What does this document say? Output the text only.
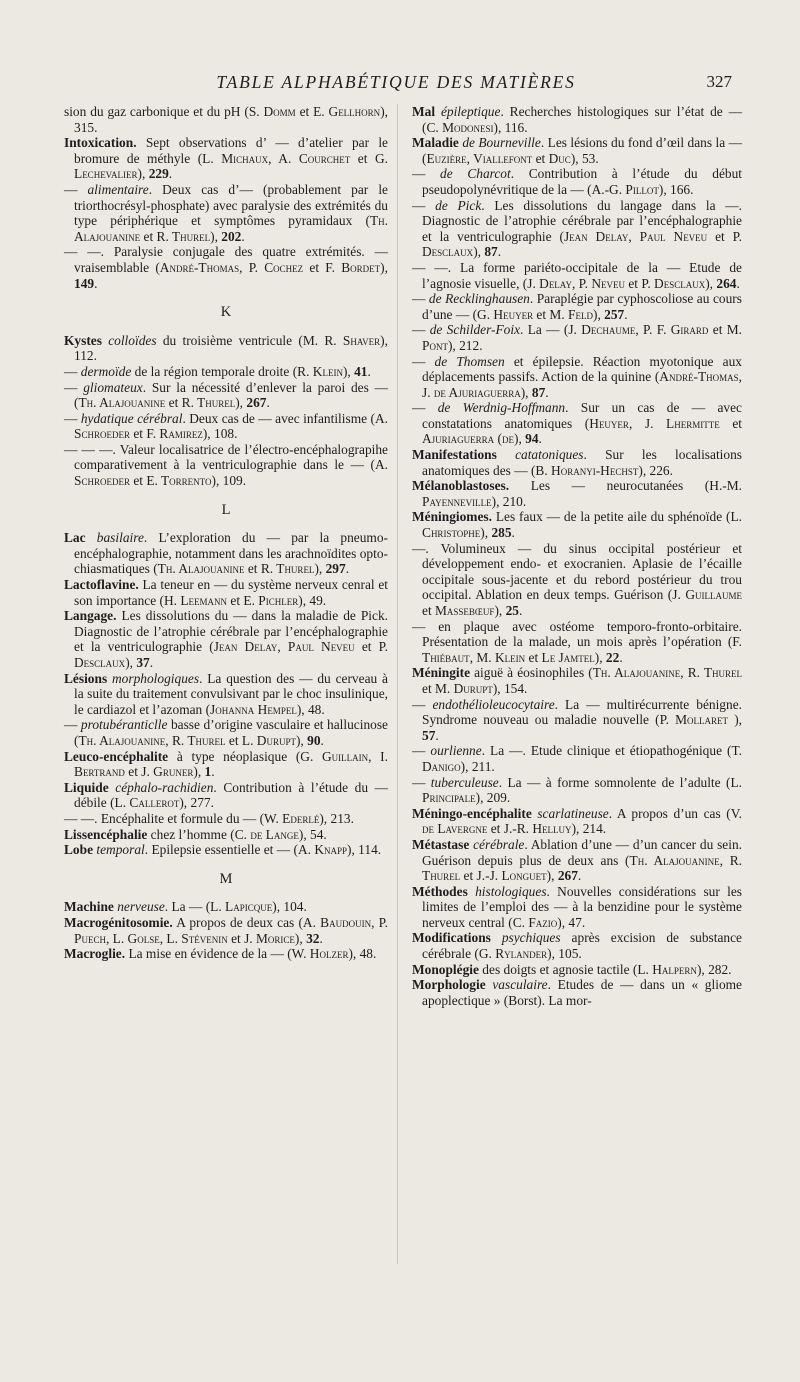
TABLE ALPHABÉTIQUE DES MATIÈRES	327

sion du gaz carbonique et du pH (S. Domm et E. Gellhorn), 315.

Intoxication. Sept observations d’ — d’atelier par le bromure de méthyle (L. Michaux, A. Courchet et G. Lechevalier), 229.

— alimentaire. Deux cas d’— (probablement par le triorthocrésyl-phosphate) avec paralysie des extrémités du type périphérique et symptômes pyramidaux (Th. Alajouanine et R. Thurel), 202.

— —. Paralysie conjugale des quatre extrémités. — vraisemblable (André-Thomas, P. Cochez et F. Bordet), 149.

K

Kystes colloïdes du troisième ventricule (M. R. Shaver), 112.

— dermoïde de la région temporale droite (R. Klein), 41.

— gliomateux. Sur la nécessité d’enlever la paroi des — (Th. Alajouanine et R. Thurel), 267.

— hydatique cérébral. Deux cas de — avec infantilisme (A. Schroeder et F. Ramirez), 108.

— — —. Valeur localisatrice de l’électro-encéphalograpihe comparativement à la ventriculographie dans le — (A. Schroeder et E. Torrento), 109.

L

Lac basilaire. L’exploration du — par la pneumo-encéphalographie, notamment dans les arachnoïdites opto-chiasmatiques (Th. Alajouanine et R. Thurel), 297.

Lactoflavine. La teneur en — du système nerveux cenral et son importance (H. Leemann et E. Pichler), 49.

Langage. Les dissolutions du — dans la maladie de Pick. Diagnostic de l’atrophie cérébrale par l’encéphalographie et la ventriculographie (Jean Delay, Paul Neveu et P. Desclaux), 37.

Lésions morphologiques. La question des — du cerveau à la suite du traitement convulsivant par le choc insulinique, le cardiazol et l’azoman (Johanna Hempel), 48.

— protubéranticlle basse d’origine vasculaire et hallucinose (Th. Alajouanine, R. Thurel et L. Durupt), 90.

Leuco-encéphalite à type néoplasique (G. Guillain, I. Bertrand et J. Gruner), 1.

Liquide céphalo-rachidien. Contribution à l’étude du — débile (L. Callerot), 277.

— —. Encéphalite et formule du — (W. Ederlé), 213.

Lissencéphalie chez l’homme (C. de Lange), 54.

Lobe temporal. Epilepsie essentielle et — (A. Knapp), 114.

M

Machine nerveuse. La — (L. Lapicque), 104.

Macrogénitosomie. A propos de deux cas (A. Baudouin, P. Puech, L. Golse, L. Stévenin et J. Morice), 32.

Macroglie. La mise en évidence de la — (W. Holzer), 48.

Mal épileptique. Recherches histologiques sur l’état de — (C. Modonesi), 116.

Maladie de Bourneville. Les lésions du fond d’œil dans la — (Euzière, Viallefont et Duc), 53.

— de Charcot. Contribution à l’étude du début pseudopolynévritique de la — (A.-G. Pillot), 166.

— de Pick. Les dissolutions du langage dans la —. Diagnostic de l’atrophie cérébrale par l’encéphalographie et la ventriculographie (Jean Delay, Paul Neveu et P. Desclaux), 87.

— —. La forme pariéto-occipitale de la — Etude de l’agnosie visuelle, (J. Delay, P. Neveu et P. Desclaux), 264.

— de Recklinghausen. Paraplégie par cyphoscoliose au cours d’une — (G. Heuyer et M. Feld), 257.

— de Schilder-Foix. La — (J. Dechaume, P. F. Girard et M. Pont), 212.

— de Thomsen et épilepsie. Réaction myotonique aux déplacements passifs. Action de la quinine (André-Thomas, J. de Ajuriaguerra), 87.

— de Werdnig-Hoffmann. Sur un cas de — avec constatations anatomiques (Heuyer, J. Lhermitte et Ajuriaguerra (de), 94.

Manifestations catatoniques. Sur les localisations anatomiques des — (B. Horanyi-Hechst), 226.

Mélanoblastoses. Les — neurocutanées (H.-M. Payenneville), 210.

Méningiomes. Les faux — de la petite aile du sphénoïde (L. Christophe), 285.

—. Volumineux — du sinus occipital postérieur et développement endo- et exocranien. Aplasie de l’écaille occipitale sous-jacente et du rebord postérieur du trou occipital. Ablation en deux temps. Guérison (J. Guillaume et Massebœuf), 25.

— en plaque avec ostéome temporo-fronto-orbitaire. Présentation de la malade, un mois après l’opération (F. Thiébaut, M. Klein et Le Jamtel), 22.

Méningite aiguë à éosinophiles (Th. Alajouanine, R. Thurel et M. Durupt), 154.

— endothélioleucocytaire. La — multirécurrente bénigne. Syndrome nouveau ou maladie nouvelle (P. Mollaret ), 57.

— ourlienne. La —. Etude clinique et étiopathogénique (T. Danigo), 211.

— tuberculeuse. La — à forme somnolente de l’adulte (L. Principale), 209.

Méningo-encéphalite scarlatineuse. A propos d’un cas (V. de Lavergne et J.-R. Helluy), 214.

Métastase cérébrale. Ablation d’une — d’un cancer du sein. Guérison depuis plus de deux ans (Th. Alajouanine, R. Thurel et J.-J. Longuet), 267.

Méthodes histologiques. Nouvelles considérations sur les limites de l’emploi des — à la benzidine pour le système nerveux central (C. Fazio), 47.

Modifications psychiques après excision de substance cérébrale (G. Rylander), 105.

Monoplégie des doigts et agnosie tactile (L. Halpern), 282.

Morphologie vasculaire. Etudes de — dans un « gliome apoplectique » (Borst). La mor-
